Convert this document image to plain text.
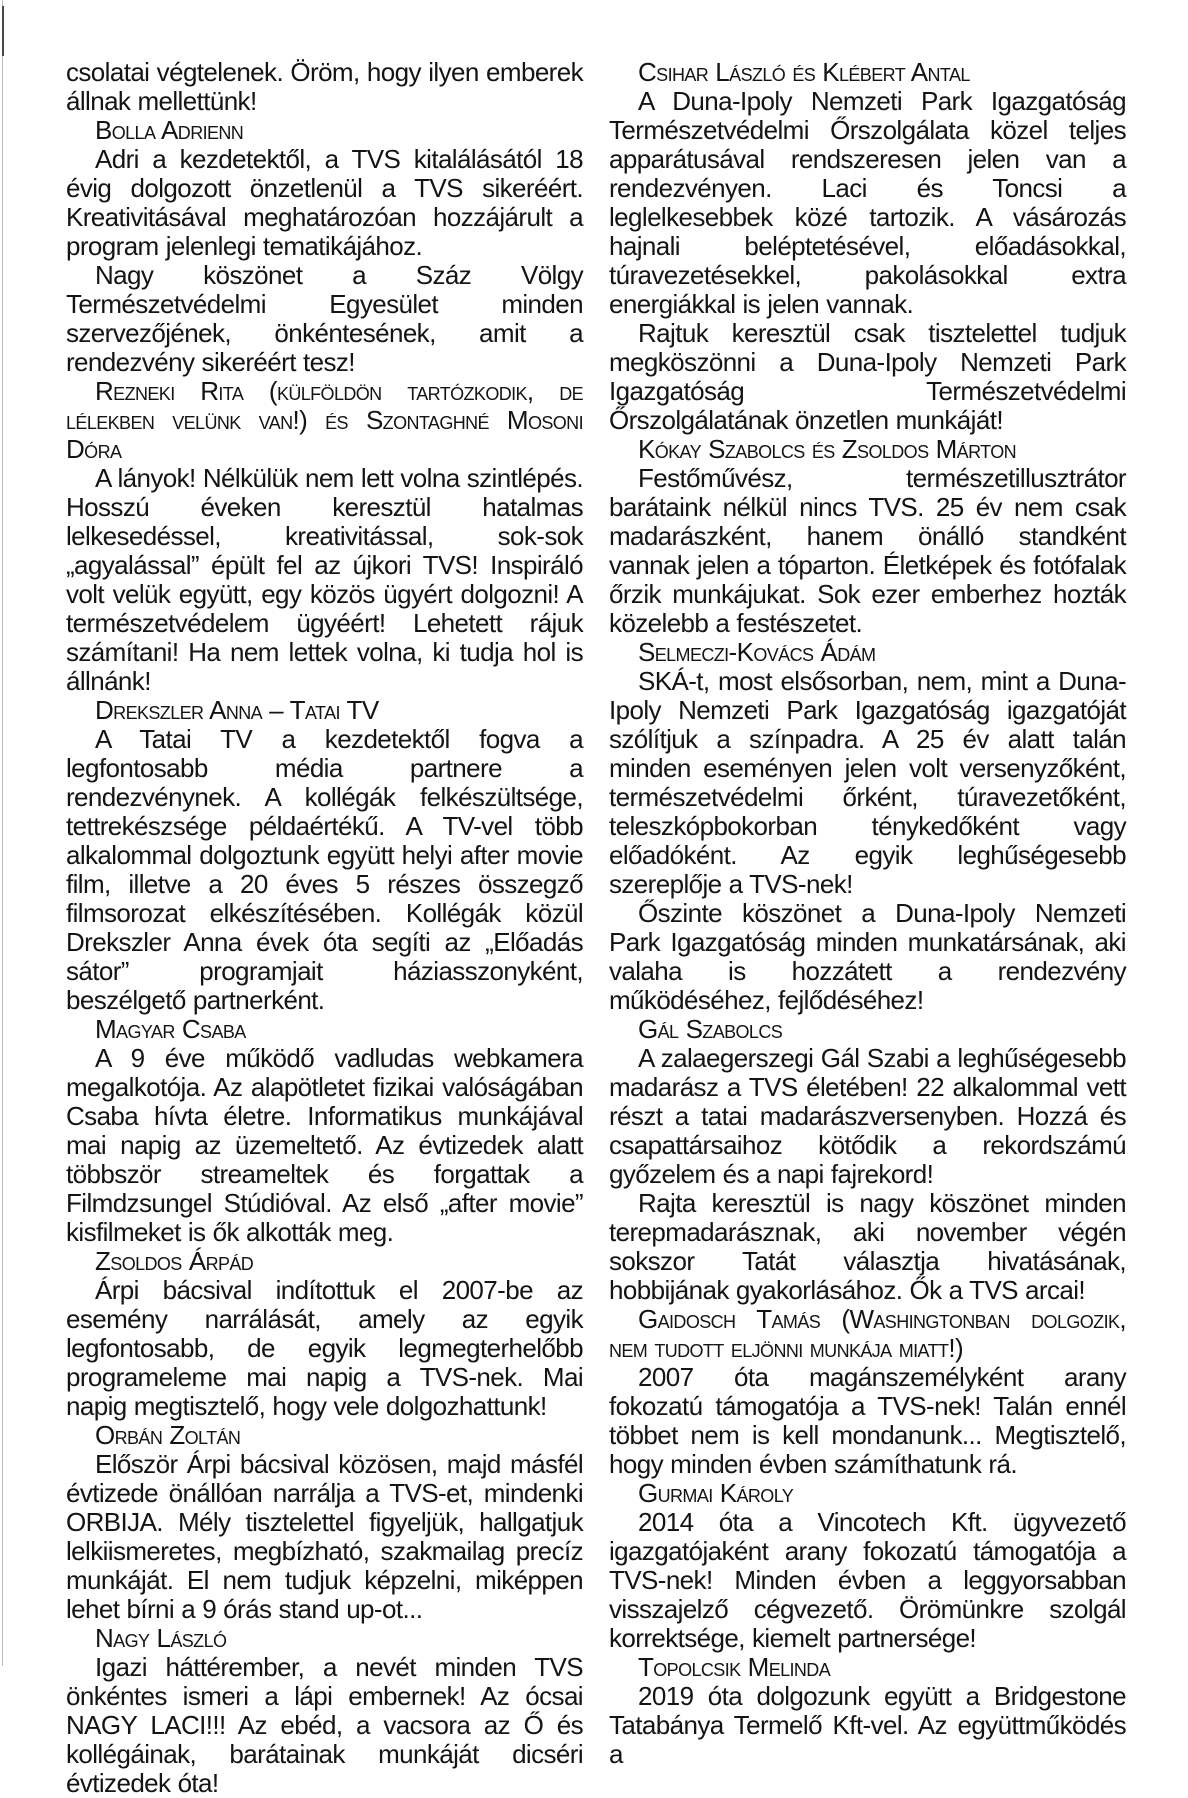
csolatai végtelenek. Öröm, hogy ilyen emberek állnak mellettünk!

Bolla Adrienn

Adri a kezdetektől, a TVS kitalálásától 18 évig dolgozott önzetlenül a TVS sikeréért. Kreativitásával meghatározóan hozzájárult a program jelenlegi tematikájához.

Nagy köszönet a Száz Völgy Természetvédelmi Egyesület minden szervezőjének, önkéntesének, amit a rendezvény sikeréért tesz!

Rezneki Rita (külföldön tartózkodik, de lélekben velünk van!) és Szontaghné Mosoni Dóra

A lányok! Nélkülük nem lett volna szintlépés. Hosszú éveken keresztül hatalmas lelkesedéssel, kreativitással, sok-sok „agyalással” épült fel az újkori TVS! Inspiráló volt velük együtt, egy közös ügyért dolgozni! A természetvédelem ügyéért! Lehetett rájuk számítani! Ha nem lettek volna, ki tudja hol is állnánk!

Drekszler Anna – Tatai TV

A Tatai TV a kezdetektől fogva a legfontosabb média partnere a rendezvénynek. A kollégák felkészültsége, tettrekészsége példaértékű. A TV-vel több alkalommal dolgoztunk együtt helyi after movie film, illetve a 20 éves 5 részes összegző filmsorozat elkészítésében. Kollégák közül Drekszler Anna évek óta segíti az „Előadás sátor” programjait háziasszonyként, beszélgető partnerként.

Magyar Csaba

A 9 éve működő vadludas webkamera megalkotója. Az alapötletet fizikai valóságában Csaba hívta életre. Informatikus munkájával mai napig az üzemeltető. Az évtizedek alatt többször streameltek és forgattak a Filmdzsungel Stúdióval. Az első „after movie” kisfilmeket is ők alkották meg.

Zsoldos Árpád

Árpi bácsival indítottuk el 2007-be az esemény narrálását, amely az egyik legfontosabb, de egyik legmegterhelőbb programeleme mai napig a TVS-nek. Mai napig megtisztelő, hogy vele dolgozhattunk!

Orbán Zoltán

Először Árpi bácsival közösen, majd másfél évtizede önállóan narrálja a TVS-et, mindenki ORBIJA. Mély tisztelettel figyeljük, hallgatjuk lelkiismeretes, megbízható, szakmailag precíz munkáját. El nem tudjuk képzelni, miképpen lehet bírni a 9 órás stand up-ot...

Nagy László

Igazi háttérember, a nevét minden TVS önkéntes ismeri a lápi embernek! Az ócsai NAGY LACI!!! Az ebéd, a vacsora az Ő és kollégáinak, barátainak munkáját dicséri évtizedek óta!

Csihar László és Klébert Antal

A Duna-Ipoly Nemzeti Park Igazgatóság Természetvédelmi Őrszolgálata közel teljes apparátusával rendszeresen jelen van a rendezvényen. Laci és Toncsi a leglelkesebbek közé tartozik. A vásározás hajnali beléptetésével, előadásokkal, túravezetésekkel, pakolásokkal extra energiákkal is jelen vannak.

Rajtuk keresztül csak tisztelettel tudjuk megköszönni a Duna-Ipoly Nemzeti Park Igazgatóság Természetvédelmi Őrszolgálatának önzetlen munkáját!

Kókay Szabolcs és Zsoldos Márton

Festőművész, természetillusztrátor barátaink nélkül nincs TVS. 25 év nem csak madarászként, hanem önálló standként vannak jelen a tóparton. Életképek és fotófalak őrzik munkájukat. Sok ezer emberhez hozták közelebb a festészetet.

Selmeczi-Kovács Ádám

SKÁ-t, most elsősorban, nem, mint a Duna-Ipoly Nemzeti Park Igazgatóság igazgatóját szólítjuk a színpadra. A 25 év alatt talán minden eseményen jelen volt versenyzőként, természetvédelmi őrként, túravezetőként, teleszkópbokorban ténykedőként vagy előadóként. Az egyik leghűségesebb szereplője a TVS-nek!

Őszinte köszönet a Duna-Ipoly Nemzeti Park Igazgatóság minden munkatársának, aki valaha is hozzátett a rendezvény működéséhez, fejlődéséhez!

Gál Szabolcs

A zalaegerszegi Gál Szabi a leghűségesebb madarász a TVS életében! 22 alkalommal vett részt a tatai madarászversenyben. Hozzá és csapattársaihoz kötődik a rekordszámú győzelem és a napi fajrekord!

Rajta keresztül is nagy köszönet minden terepmadarásznak, aki november végén sokszor Tatát választja hivatásának, hobbijának gyakorlásához. Ők a TVS arcai!

Gaidosch Tamás (Washingtonban dolgozik, nem tudott eljönni munkája miatt!)

2007 óta magánszemélyként arany fokozatú támogatója a TVS-nek! Talán ennél többet nem is kell mondanunk... Megtisztelő, hogy minden évben számíthatunk rá.

Gurmai Károly

2014 óta a Vincotech Kft. ügyvezető igazgatójaként arany fokozatú támogatója a TVS-nek! Minden évben a leggyorsabban visszajelző cégvezető. Örömünkre szolgál korrektsége, kiemelt partnersége!

Topolcsik Melinda

2019 óta dolgozunk együtt a Bridgestone Tatabánya Termelő Kft-vel. Az együttműködés a
